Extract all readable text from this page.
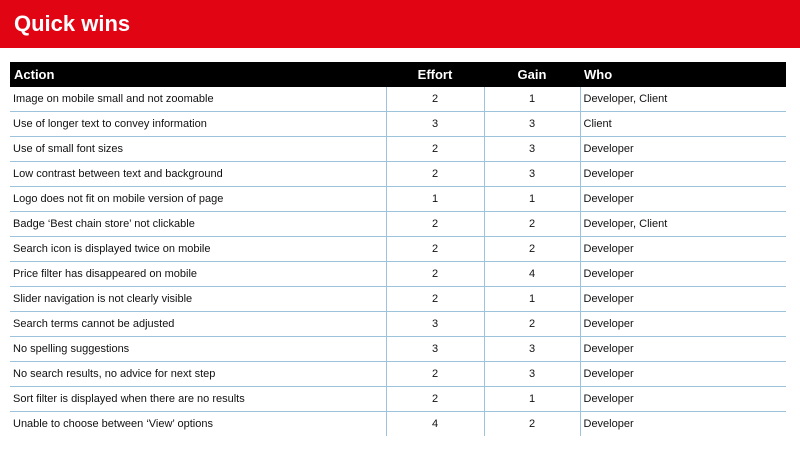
Quick wins
Action	Effort	Gain	Who
Image on mobile small and not zoomable	2	1	Developer, Client
Use of longer text to convey information	3	3	Client
Use of small font sizes	2	3	Developer
Low contrast between text and background	2	3	Developer
Logo does not fit on mobile version of page	1	1	Developer
Badge ‘Best chain store’ not clickable	2	2	Developer, Client
Search icon is displayed twice on mobile	2	2	Developer
Price filter has disappeared on mobile	2	4	Developer
Slider navigation is not clearly visible	2	1	Developer
Search terms cannot be adjusted	3	2	Developer
No spelling suggestions	3	3	Developer
No search results, no advice for next step	2	3	Developer
Sort filter is displayed when there are no results	2	1	Developer
Unable to choose between ‘View’ options	4	2	Developer
